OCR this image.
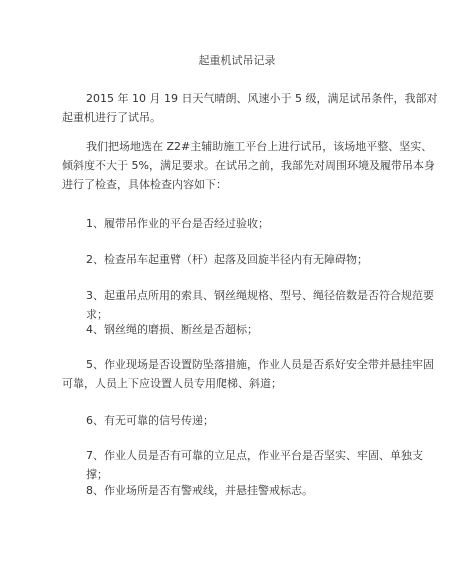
起重机试吊记录

2015 年 10 月 19 日天气晴朗、风速小于 5 级，满足试吊条件，我部对起重机进行了试吊。

我们把场地选在 Z2#主辅助施工平台上进行试吊，该场地平整、坚实、倾斜度不大于 5%，满足要求。在试吊之前，我部先对周围环境及履带吊本身进行了检查，具体检查内容如下：

1、履带吊作业的平台是否经过验收；

2、检查吊车起重臂（杆）起落及回旋半径内有无障碍物；

3、起重吊点所用的索具、钢丝绳规格、型号、绳径倍数是否符合规范要求；

4、钢丝绳的磨损、断丝是否超标；

5、作业现场是否设置防坠落措施，作业人员是否系好安全带并悬挂牢固可靠，人员上下应设置人员专用爬梯、斜道；

6、有无可靠的信号传递；

7、作业人员是否有可靠的立足点，作业平台是否坚实、牢固、单独支撑；

8、作业场所是否有警戒线，并悬挂警戒标志。
